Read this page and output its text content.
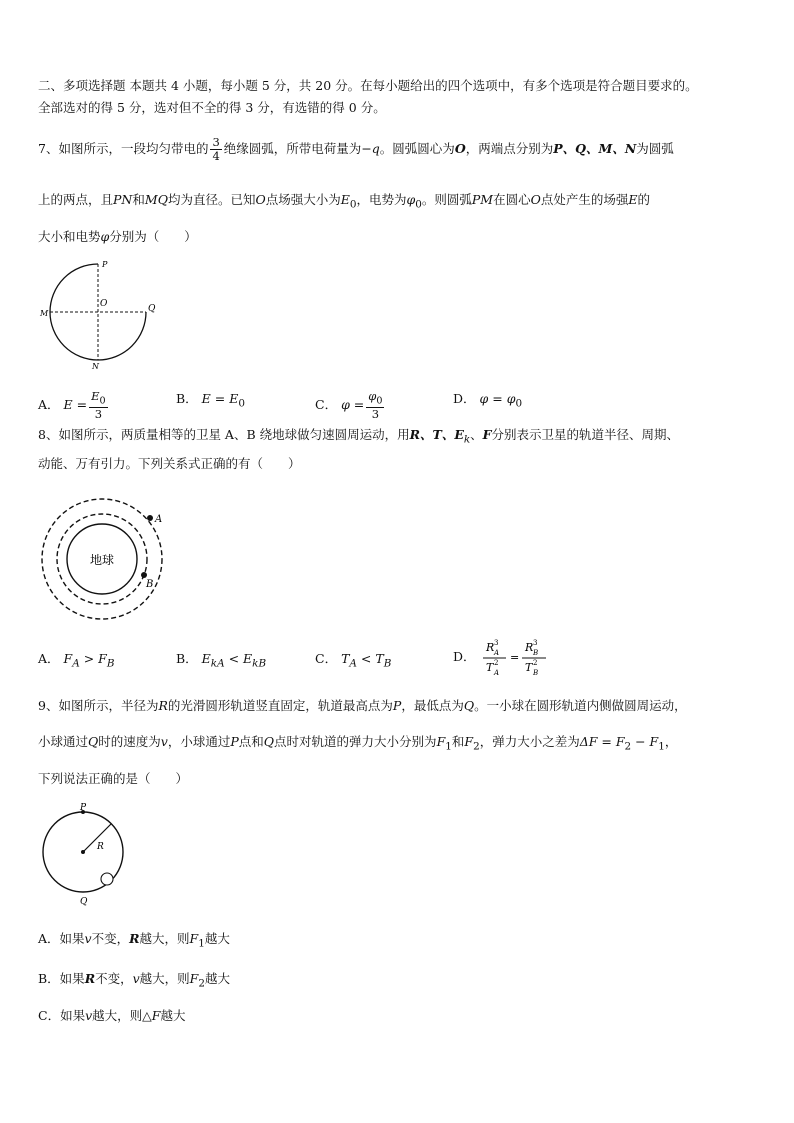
二、多项选择题 本题共 4 小题，每小题 5 分，共 20 分。在每小题给出的四个选项中，有多个选项是符合题目要求的。
全部选对的得 5 分，选对但不全的得 3 分，有选错的得 0 分。
7、如图所示，一段均匀带电的 $\frac{3}{4}$ 绝缘圆弧，所带电荷量为−q。圆弧圆心为O，两端点分别为P、Q、M、N为圆弧
上的两点，且PN和MQ均为直径。已知O点场强大小为$E_0$，电势为$\varphi_0$。则圆弧PM在圆心O点处产生的场强E的
大小和电势φ分别为（　　）
P
O
M	Q
N
A． $E = \frac{E_0}{3}$	B． $E = E_0$	C． $\varphi = \frac{\varphi_0}{3}$	D． $\varphi = \varphi_0$
8、如图所示，两质量相等的卫星 A、B 绕地球做匀速圆周运动，用R、T、$E_k$、F分别表示卫星的轨道半径、周期、
动能、万有引力。下列关系式正确的有（　　）
地球
A
B
A． $F_A > F_B$	B． $E_{kA} < E_{kB}$	C． $T_A < T_B$	D．
R 3
A
T 2
A
=
R 3
B
T 2
B
9、如图所示，半径为R的光滑圆形轨道竖直固定，轨道最高点为P，最低点为Q。一小球在圆形轨道内侧做圆周运动，
小球通过Q时的速度为v，小球通过P点和Q点时对轨道的弹力大小分别为$F_1$和$F_2$，弹力大小之差为$\Delta F = F_2 - F_1$，
下列说法正确的是（　　）
P
R
Q
A．如果v不变，R越大，则$F_1$越大
B．如果R不变，v越大，则$F_2$越大
C．如果v越大，则△F越大
